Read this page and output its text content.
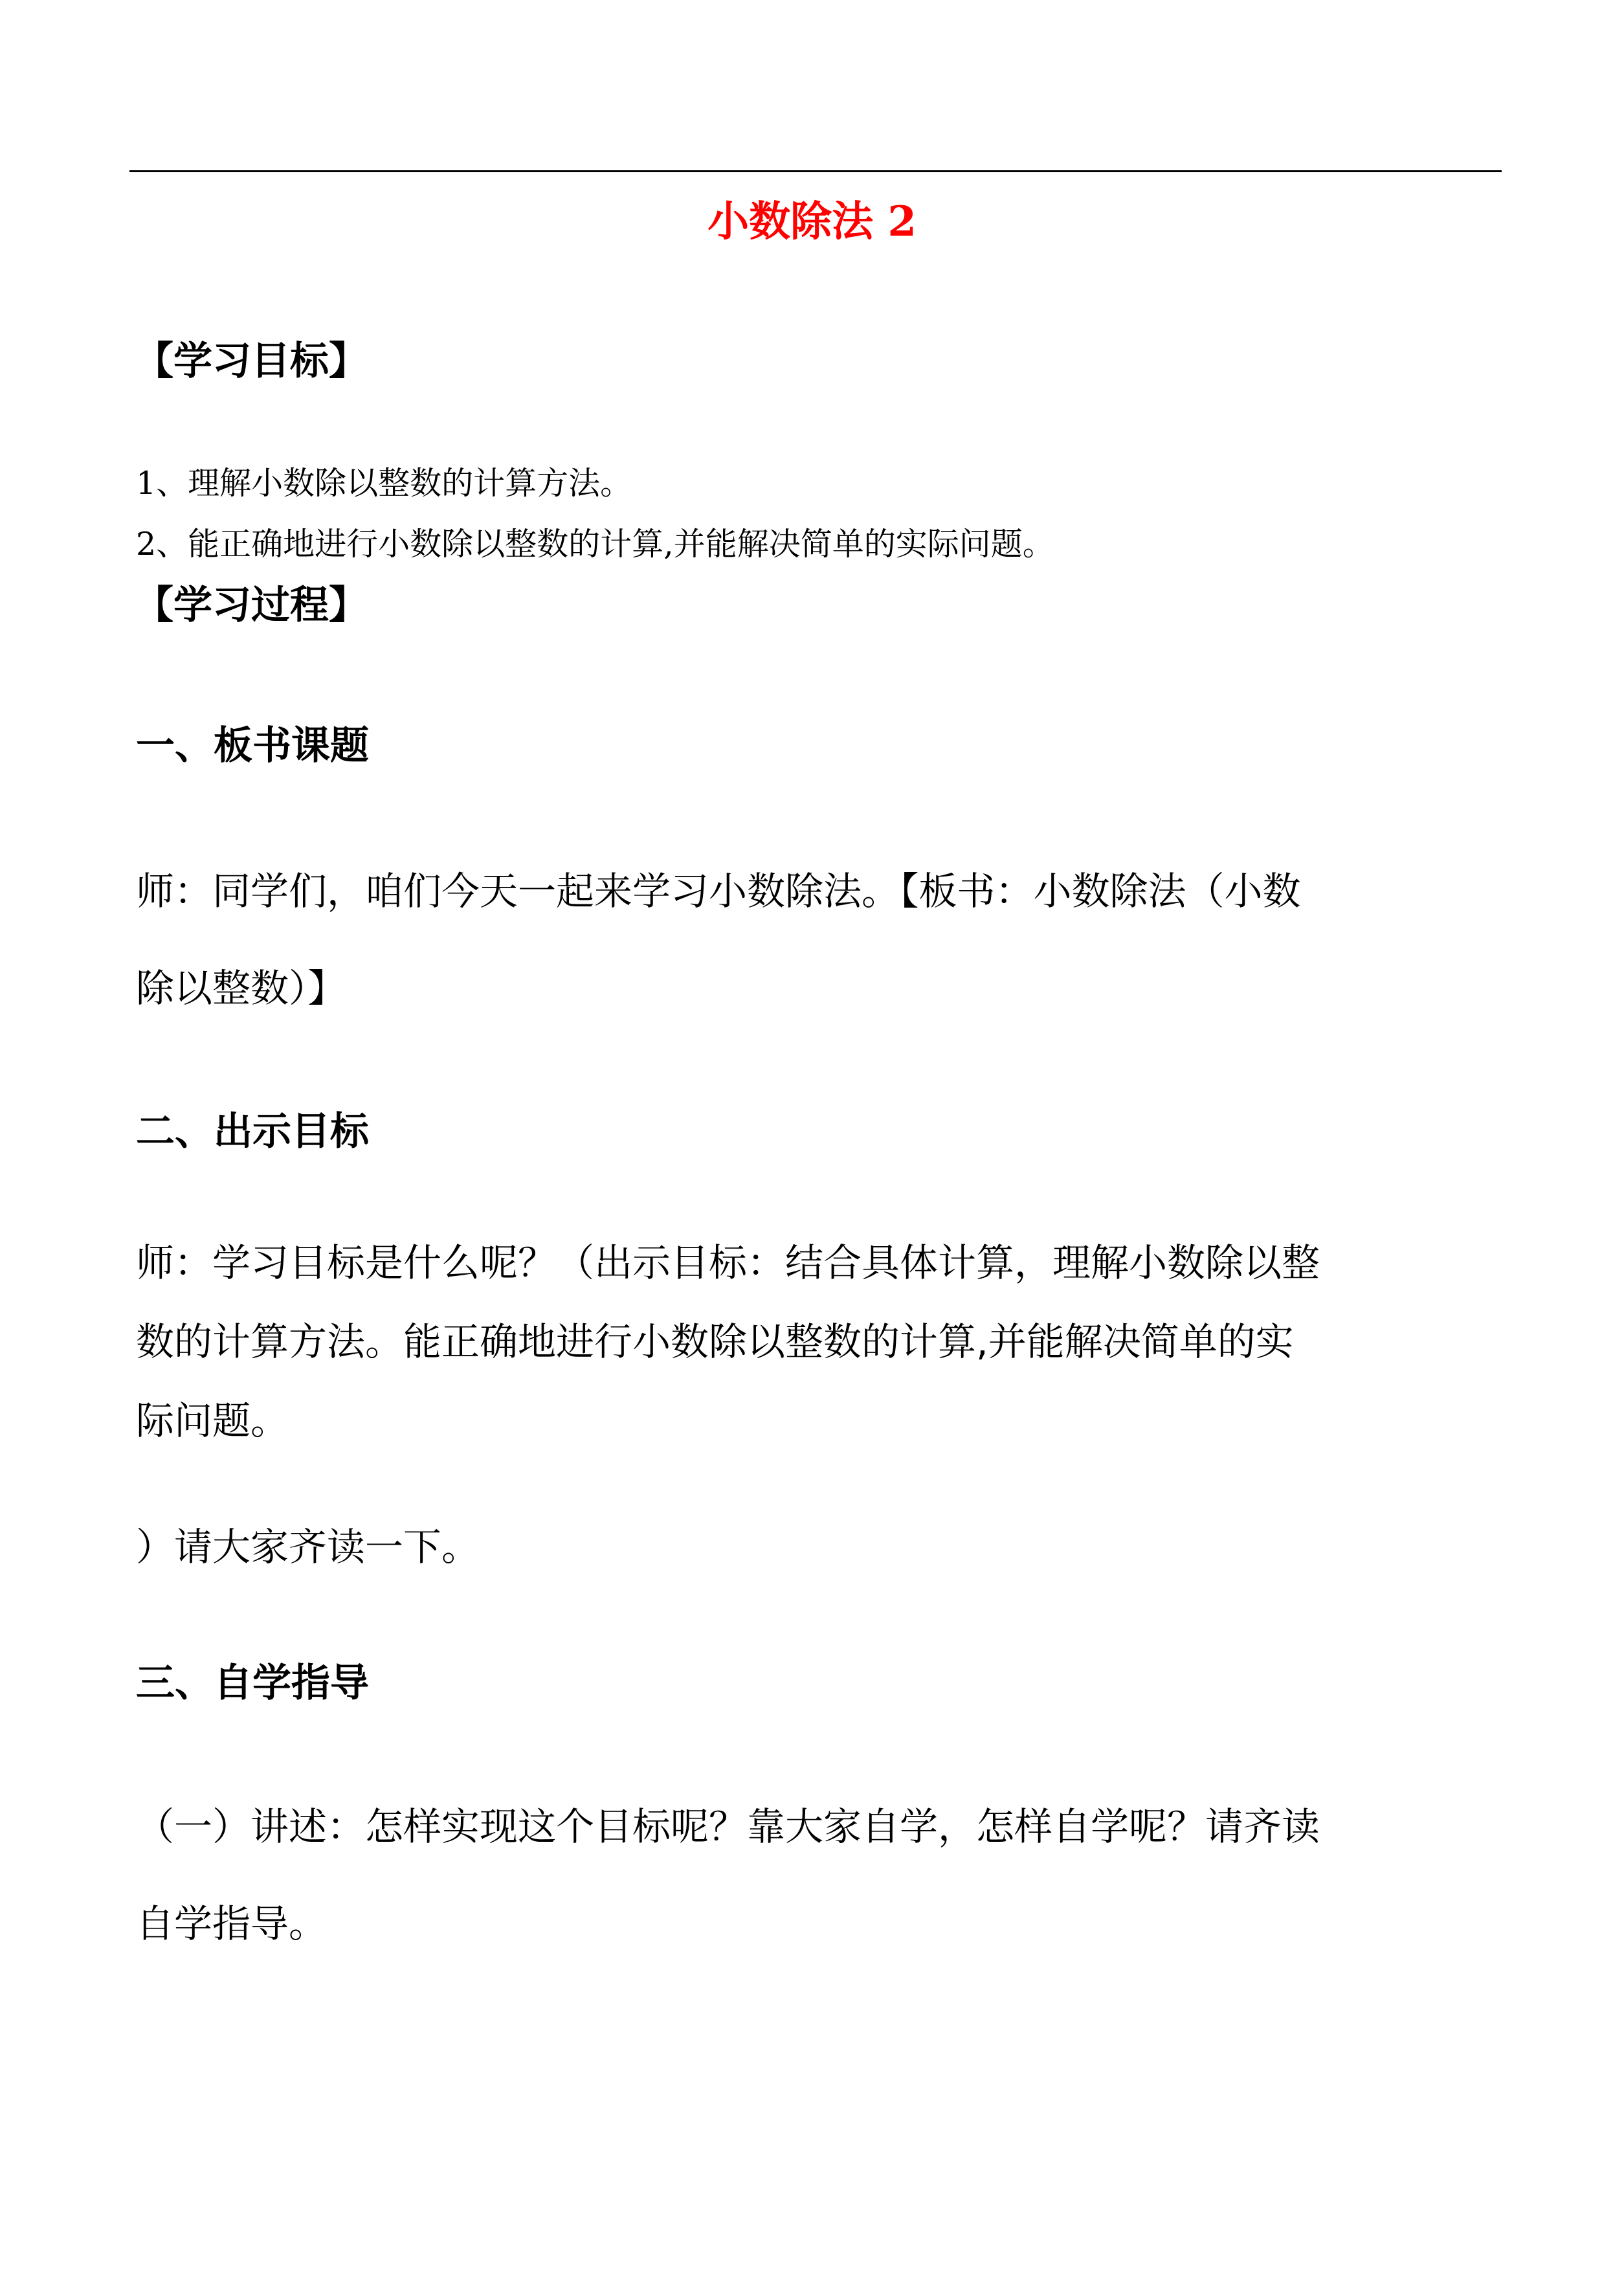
小数除法 2
【学习目标】
1、理解小数除以整数的计算方法。
2、能正确地进行小数除以整数的计算,并能解决简单的实际问题。
【学习过程】
一、板书课题
师：同学们，咱们今天一起来学习小数除法。【板书：小数除法（小数
除以整数）】
二、出示目标
师：学习目标是什么呢？（出示目标：结合具体计算，理解小数除以整
数的计算方法。能正确地进行小数除以整数的计算,并能解决简单的实
际问题。
）请大家齐读一下。
三、自学指导
（一）讲述：怎样实现这个目标呢？靠大家自学，怎样自学呢？请齐读
自学指导。
